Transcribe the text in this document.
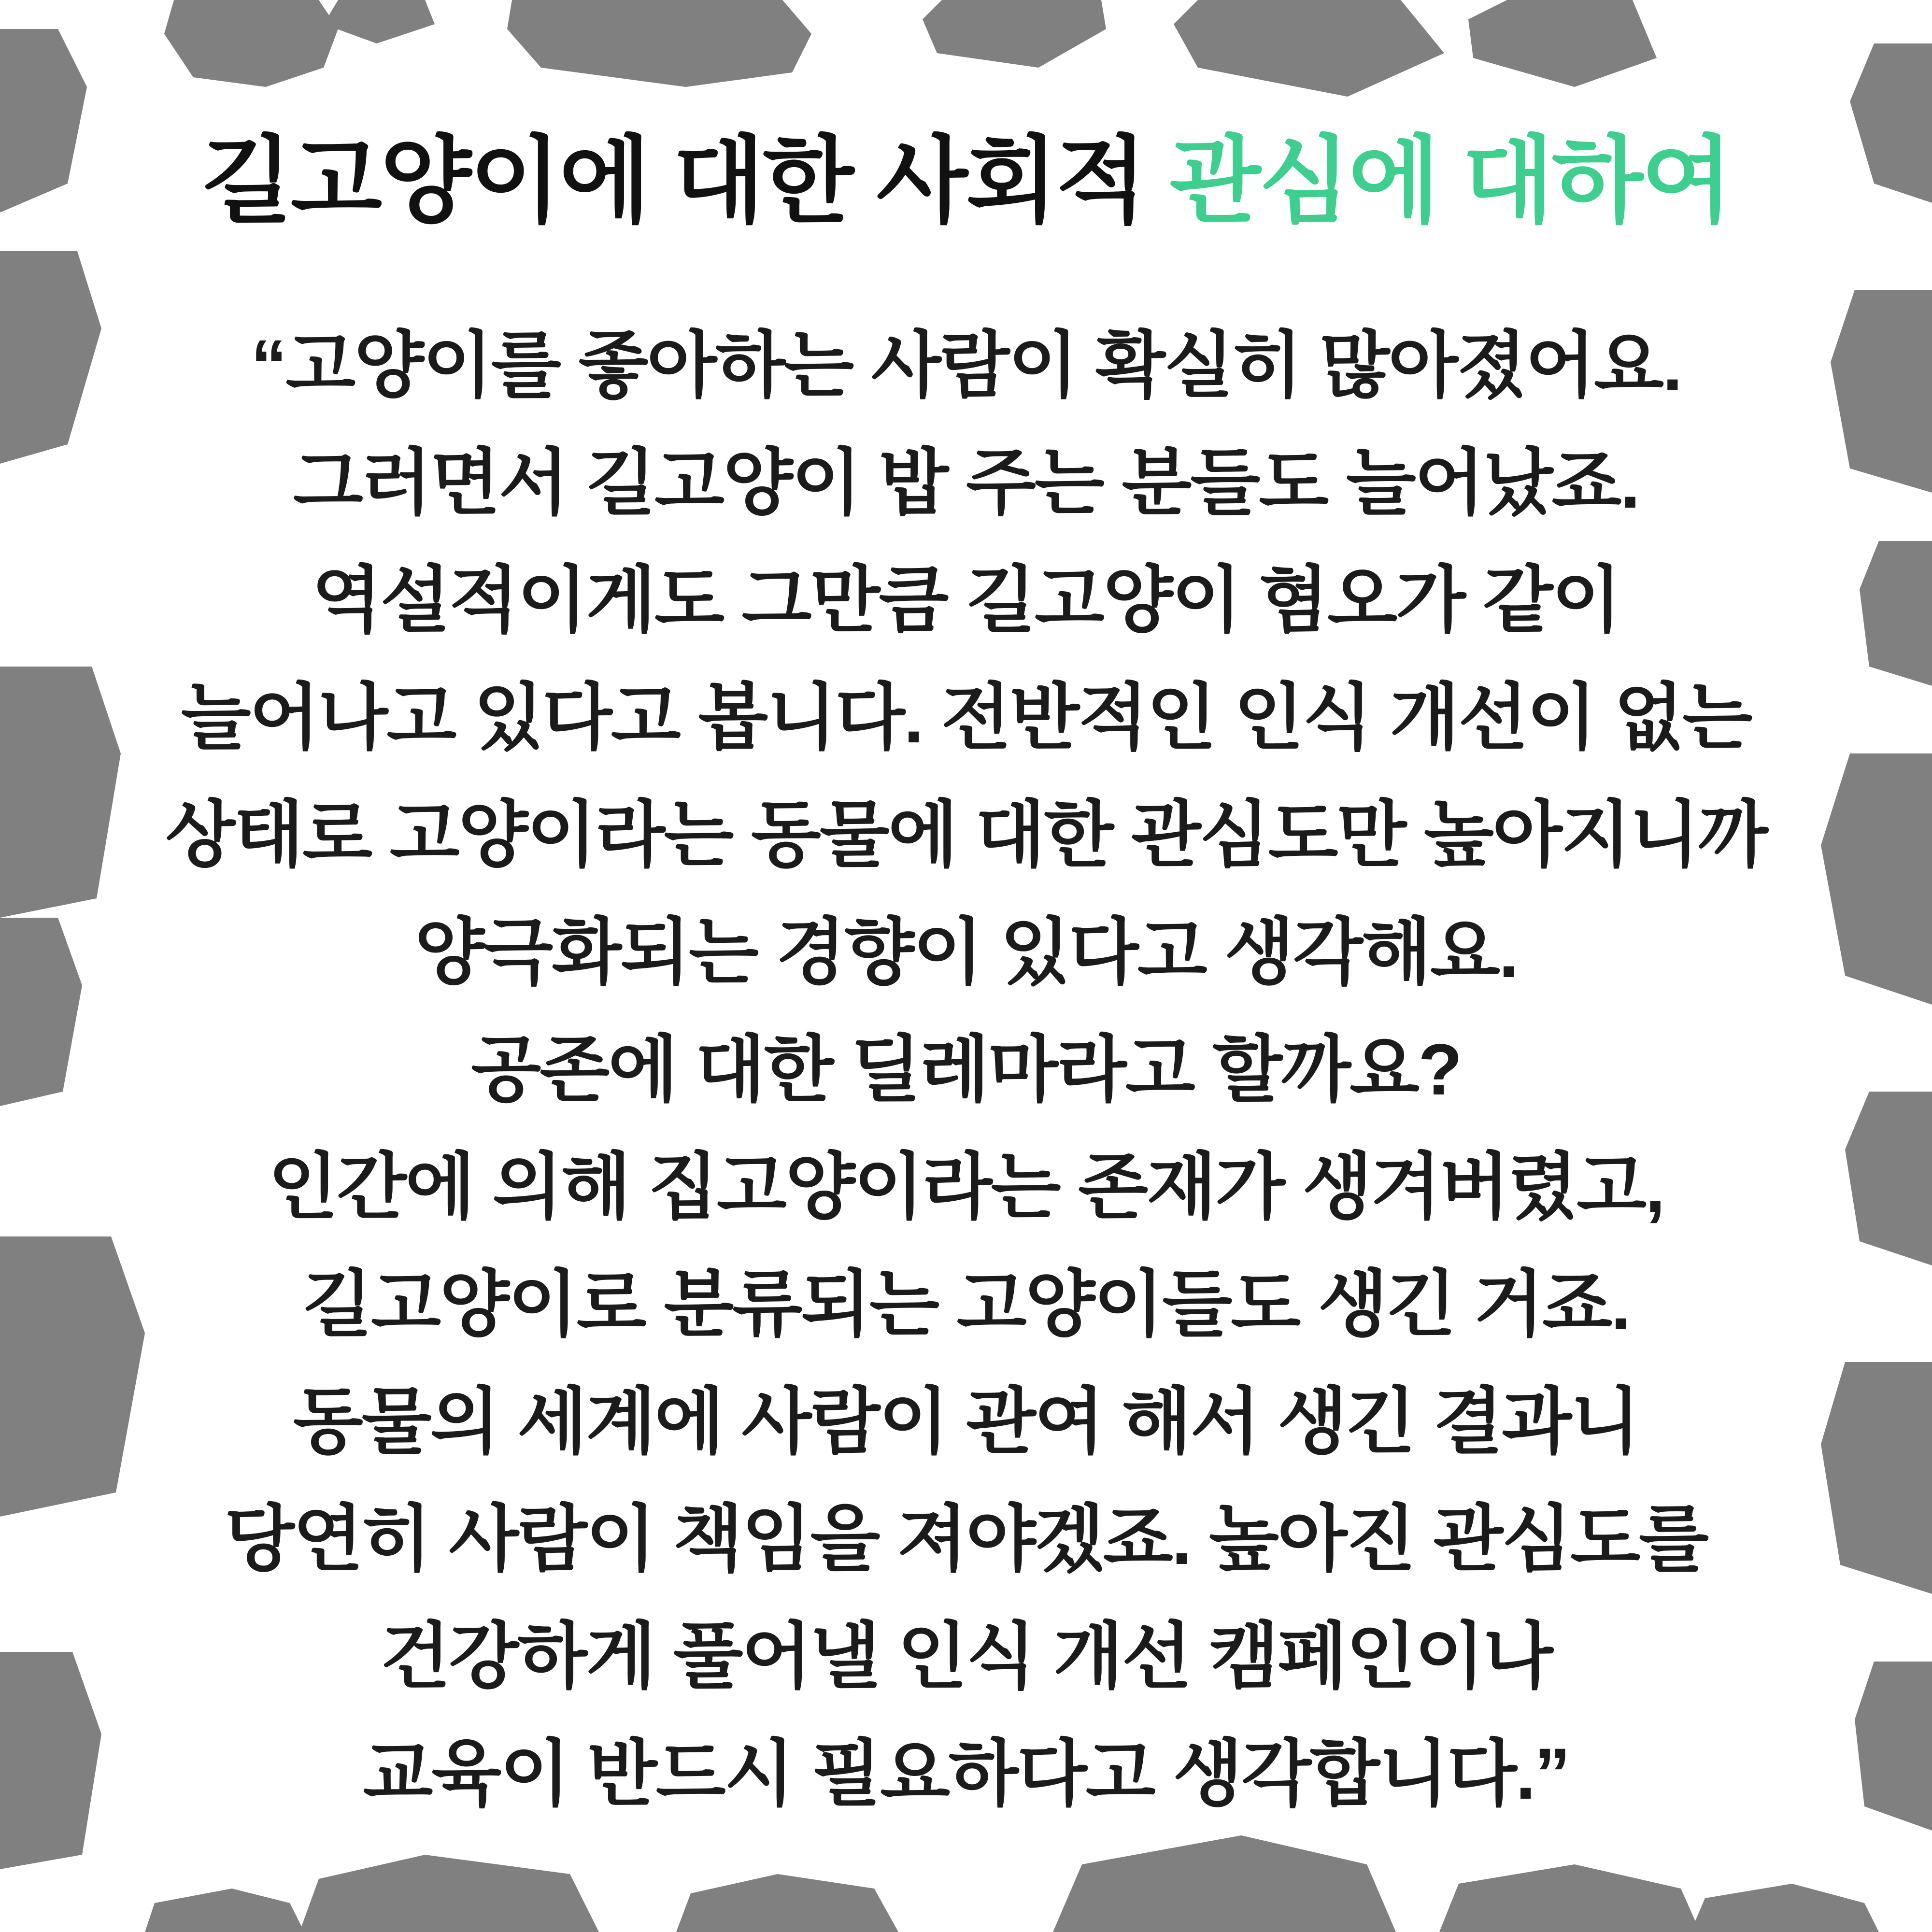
길고양이에 대한 사회적 관심에 대하여
“고양이를 좋아하는 사람이 확실히 많아졌어요.
그러면서 길고양이 밥 주는 분들도 늘어났죠.
역설적이게도 그만큼 길고양이 혐오가 같이
늘어나고 있다고 봅니다. 전반적인 인식 개선이 없는
상태로 고양이라는 동물에 대한 관심도만 높아지니까
양극화되는 경향이 있다고 생각해요.
공존에 대한 딜레마라고 할까요?
인간에 의해 집고양이라는 존재가 생겨버렸고,
길고양이로 분류되는 고양이들도 생긴 거죠.
동물의 세계에 사람이 관여 해서 생긴 결과니
당연히 사람이 책임을 져야겠죠. 높아진 관심도를
건강하게 풀어낼 인식 개선 캠페인이나
교육이 반드시 필요하다고 생각합니다.”
